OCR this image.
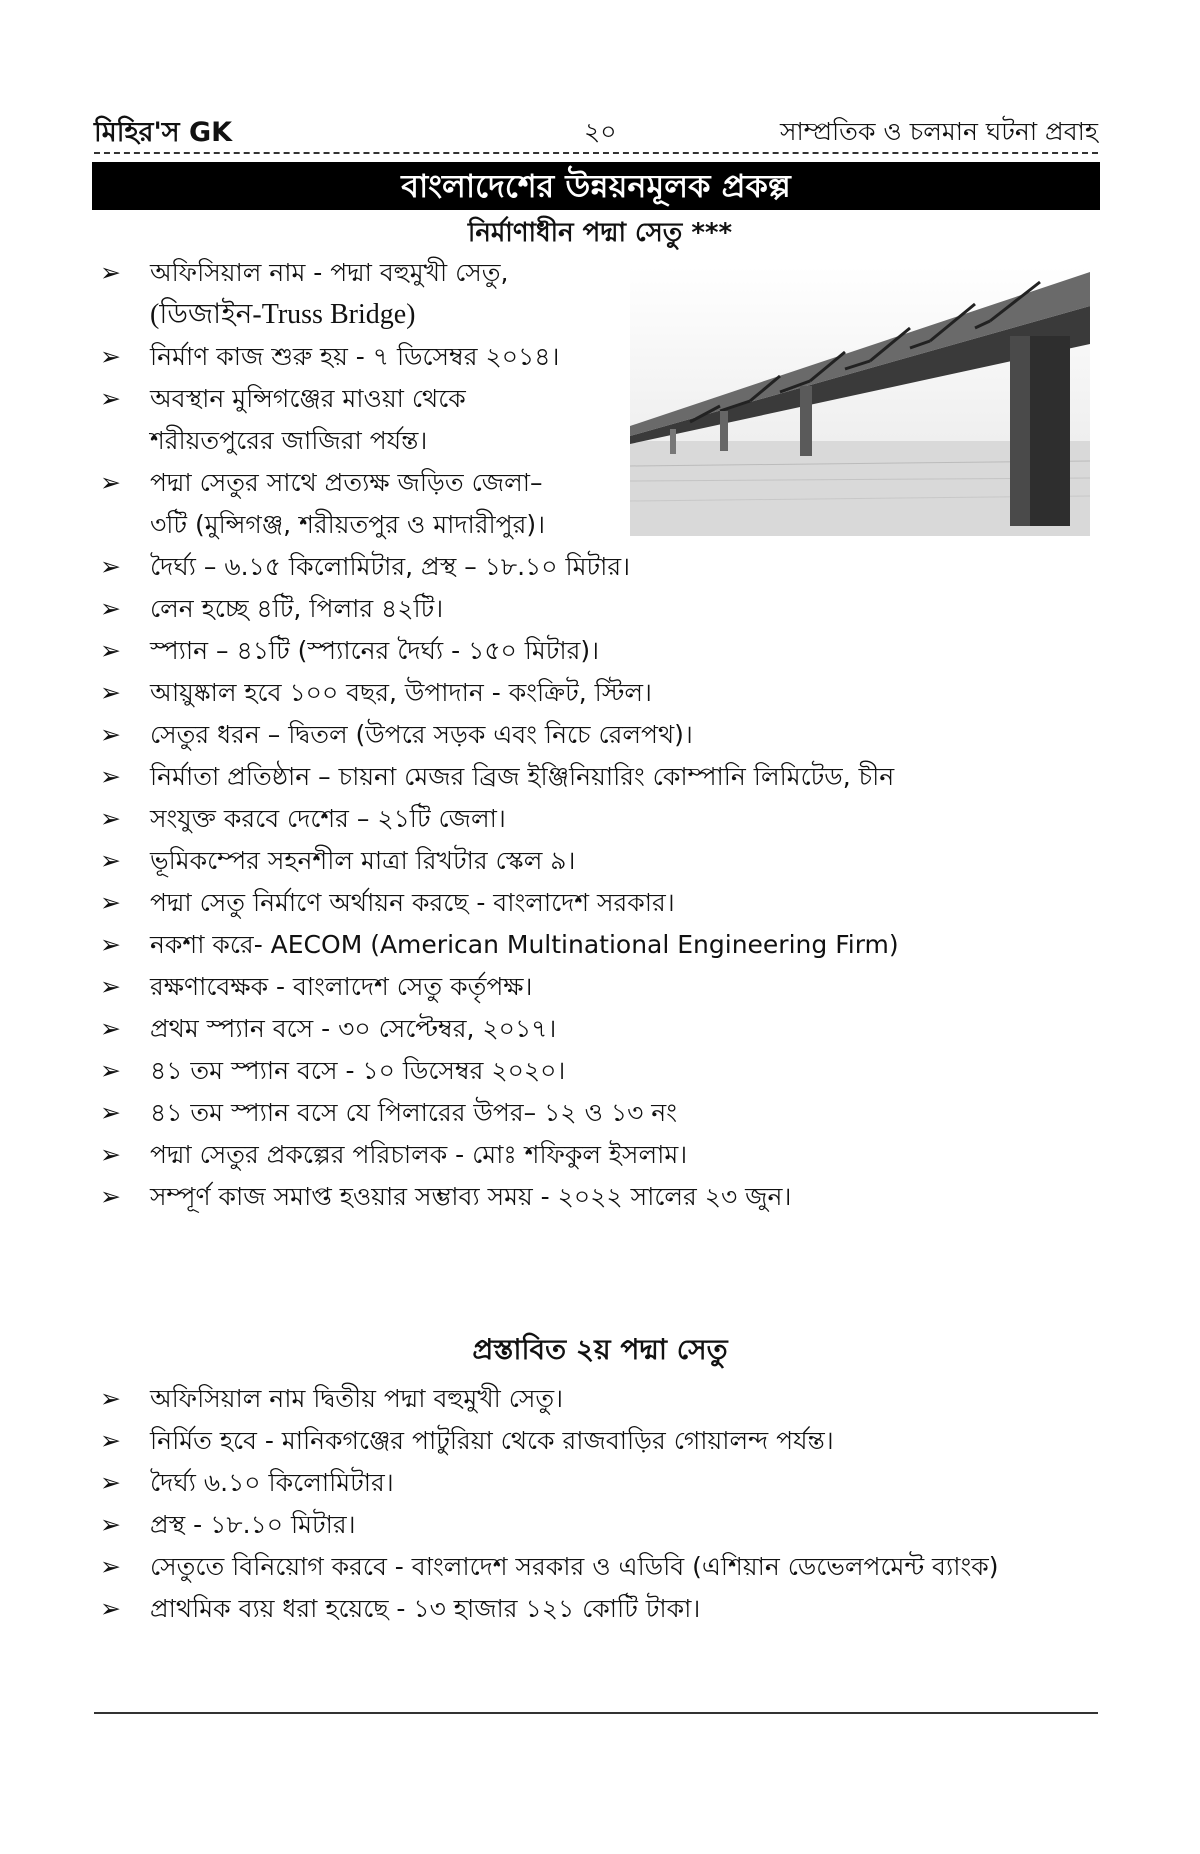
মিহির'স GK	২০	সাম্প্রতিক ও চলমান ঘটনা প্রবাহ
বাংলাদেশের উন্নয়নমূলক প্রকল্প
নির্মাণাধীন পদ্মা সেতু ***
➢ অফিসিয়াল নাম - পদ্মা বহুমুখী সেতু,
(ডিজাইন-Truss Bridge)
➢ নির্মাণ কাজ শুরু হয় - ৭ ডিসেম্বর ২০১৪।
➢ অবস্থান মুন্সিগঞ্জের মাওয়া থেকে
শরীয়তপুরের জাজিরা পর্যন্ত।
➢ পদ্মা সেতুর সাথে প্রত্যক্ষ জড়িত জেলা–
৩টি (মুন্সিগঞ্জ, শরীয়তপুর ও মাদারীপুর)।
➢ দৈর্ঘ্য – ৬.১৫ কিলোমিটার, প্রস্থ – ১৮.১০ মিটার।
➢ লেন হচ্ছে ৪টি, পিলার ৪২টি।
➢ স্প্যান – ৪১টি (স্প্যানের দৈর্ঘ্য - ১৫০ মিটার)।
➢ আয়ুষ্কাল হবে ১০০ বছর, উপাদান - কংক্রিট, স্টিল।
➢ সেতুর ধরন – দ্বিতল (উপরে সড়ক এবং নিচে রেলপথ)।
➢ নির্মাতা প্রতিষ্ঠান – চায়না মেজর ব্রিজ ইঞ্জিনিয়ারিং কোম্পানি লিমিটেড, চীন
➢ সংযুক্ত করবে দেশের – ২১টি জেলা।
➢ ভূমিকম্পের সহনশীল মাত্রা রিখটার স্কেল ৯।
➢ পদ্মা সেতু নির্মাণে অর্থায়ন করছে - বাংলাদেশ সরকার।
➢ নকশা করে- AECOM (American Multinational Engineering Firm)
➢ রক্ষণাবেক্ষক - বাংলাদেশ সেতু কর্তৃপক্ষ।
➢ প্রথম স্প্যান বসে - ৩০ সেপ্টেম্বর, ২০১৭।
➢ ৪১ তম স্প্যান বসে - ১০ ডিসেম্বর ২০২০।
➢ ৪১ তম স্প্যান বসে যে পিলারের উপর– ১২ ও ১৩ নং
➢ পদ্মা সেতুর প্রকল্পের পরিচালক - মোঃ শফিকুল ইসলাম।
➢ সম্পূর্ণ কাজ সমাপ্ত হওয়ার সম্ভাব্য সময় - ২০২২ সালের ২৩ জুন।
প্রস্তাবিত ২য় পদ্মা সেতু
➢ অফিসিয়াল নাম দ্বিতীয় পদ্মা বহুমুখী সেতু।
➢ নির্মিত হবে - মানিকগঞ্জের পাটুরিয়া থেকে রাজবাড়ির গোয়ালন্দ পর্যন্ত।
➢ দৈর্ঘ্য ৬.১০ কিলোমিটার।
➢ প্রস্থ - ১৮.১০ মিটার।
➢ সেতুতে বিনিয়োগ করবে - বাংলাদেশ সরকার ও এডিবি (এশিয়ান ডেভেলপমেন্ট ব্যাংক)
➢ প্রাথমিক ব্যয় ধরা হয়েছে - ১৩ হাজার ১২১ কোটি টাকা।
